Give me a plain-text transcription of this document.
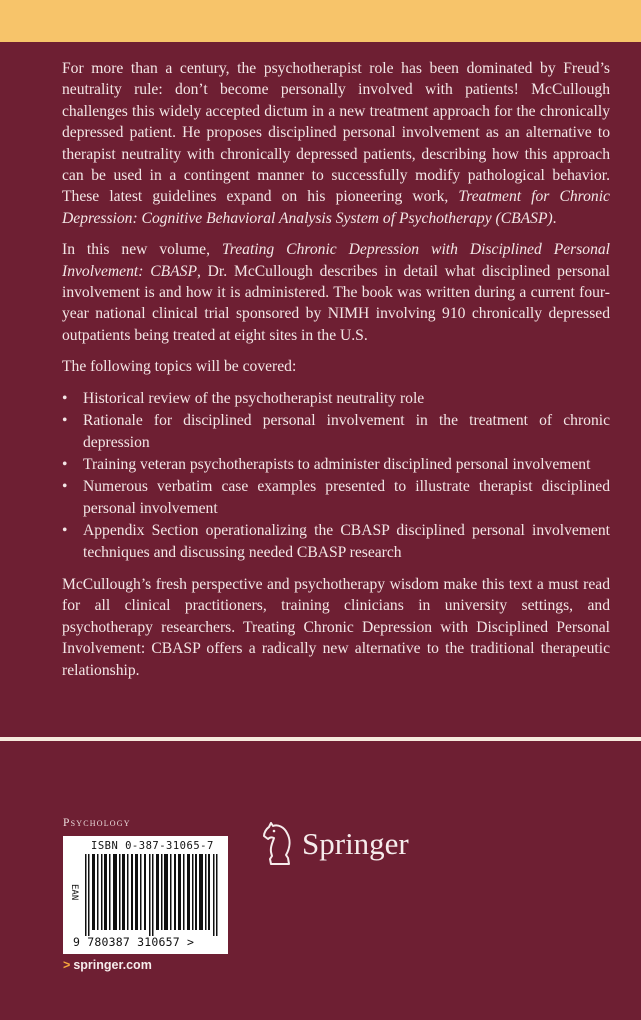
For more than a century, the psychotherapist role has been dominated by Freud’s neutrality rule: don’t become personally involved with patients! McCullough challenges this widely accepted dictum in a new treatment approach for the chronically depressed patient. He proposes disciplined personal involvement as an alternative to therapist neutrality with chronically depressed patients, describing how this approach can be used in a contingent manner to successfully modify pathological behavior. These latest guidelines expand on his pioneering work, Treatment for Chronic Depression: Cognitive Behavioral Analysis System of Psychotherapy (CBASP).

In this new volume, Treating Chronic Depression with Disciplined Personal Involvement: CBASP, Dr. McCullough describes in detail what disciplined personal involvement is and how it is administered. The book was written during a current four-year national clinical trial sponsored by NIMH involving 910 chronically depressed outpatients being treated at eight sites in the U.S.

The following topics will be covered:

• Historical review of the psychotherapist neutrality role
• Rationale for disciplined personal involvement in the treatment of chronic depression
• Training veteran psychotherapists to administer disciplined personal involvement
• Numerous verbatim case examples presented to illustrate therapist disciplined personal involvement
• Appendix Section operationalizing the CBASP disciplined personal involvement techniques and discussing needed CBASP research

McCullough’s fresh perspective and psychotherapy wisdom make this text a must read for all clinical practitioners, training clinicians in university settings, and psychotherapy researchers. Treating Chronic Depression with Disciplined Personal Involvement: CBASP offers a radically new alternative to the traditional therapeutic relationship.

Psychology
ISBN 0-387-31065-7
EAN
9 780387 310657 >
Springer
> springer.com
